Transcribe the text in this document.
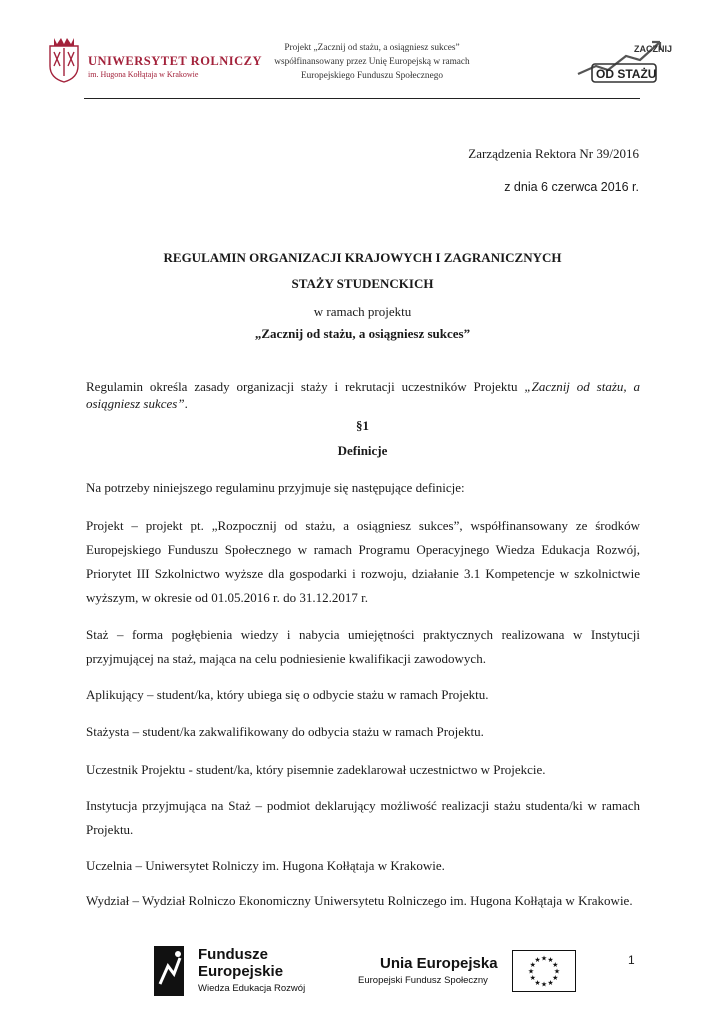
UNIWERSYTET ROLNICZY
im. Hugona Kołłątaja w Krakowie
Projekt „Zacznij od stażu, a osiągniesz sukces”
współfinansowany przez Unię Europejską w ramach
Europejskiego Funduszu Społecznego
ZACZNIJ
OD STAŻU
Zarządzenia Rektora Nr 39/2016
z dnia 6 czerwca 2016 r.
REGULAMIN ORGANIZACJI KRAJOWYCH I ZAGRANICZNYCH
STAŻY STUDENCKICH
w ramach projektu
„Zacznij od stażu, a osiągniesz sukces”
Regulamin określa zasady organizacji staży i rekrutacji uczestników Projektu „Zacznij od stażu, a osiągniesz sukces”.
§1
Definicje
Na potrzeby niniejszego regulaminu przyjmuje się następujące definicje:
Projekt – projekt pt. „Rozpocznij od stażu, a osiągniesz sukces”, współfinansowany ze środków Europejskiego Funduszu Społecznego w ramach Programu Operacyjnego Wiedza Edukacja Rozwój, Priorytet III Szkolnictwo wyższe dla gospodarki i rozwoju, działanie 3.1 Kompetencje w szkolnictwie wyższym, w okresie od 01.05.2016 r. do 31.12.2017 r.
Staż – forma pogłębienia wiedzy i nabycia umiejętności praktycznych realizowana w Instytucji przyjmującej na staż, mająca na celu podniesienie kwalifikacji zawodowych.
Aplikujący – student/ka, który ubiega się o odbycie stażu w ramach Projektu.
Stażysta – student/ka zakwalifikowany do odbycia stażu w ramach Projektu.
Uczestnik Projektu - student/ka, który pisemnie zadeklarował uczestnictwo w Projekcie.
Instytucja przyjmująca na Staż – podmiot deklarujący możliwość realizacji stażu studenta/ki w ramach Projektu.
Uczelnia – Uniwersytet Rolniczy im. Hugona Kołłątaja w Krakowie.
Wydział – Wydział Rolniczo Ekonomiczny Uniwersytetu Rolniczego im. Hugona Kołłątaja w Krakowie.
Fundusze
Europejskie
Wiedza Edukacja Rozwój
Unia Europejska
Europejski Fundusz Społeczny
★
★
★
★
★
★
★
★
★ ★ ★
★	1
